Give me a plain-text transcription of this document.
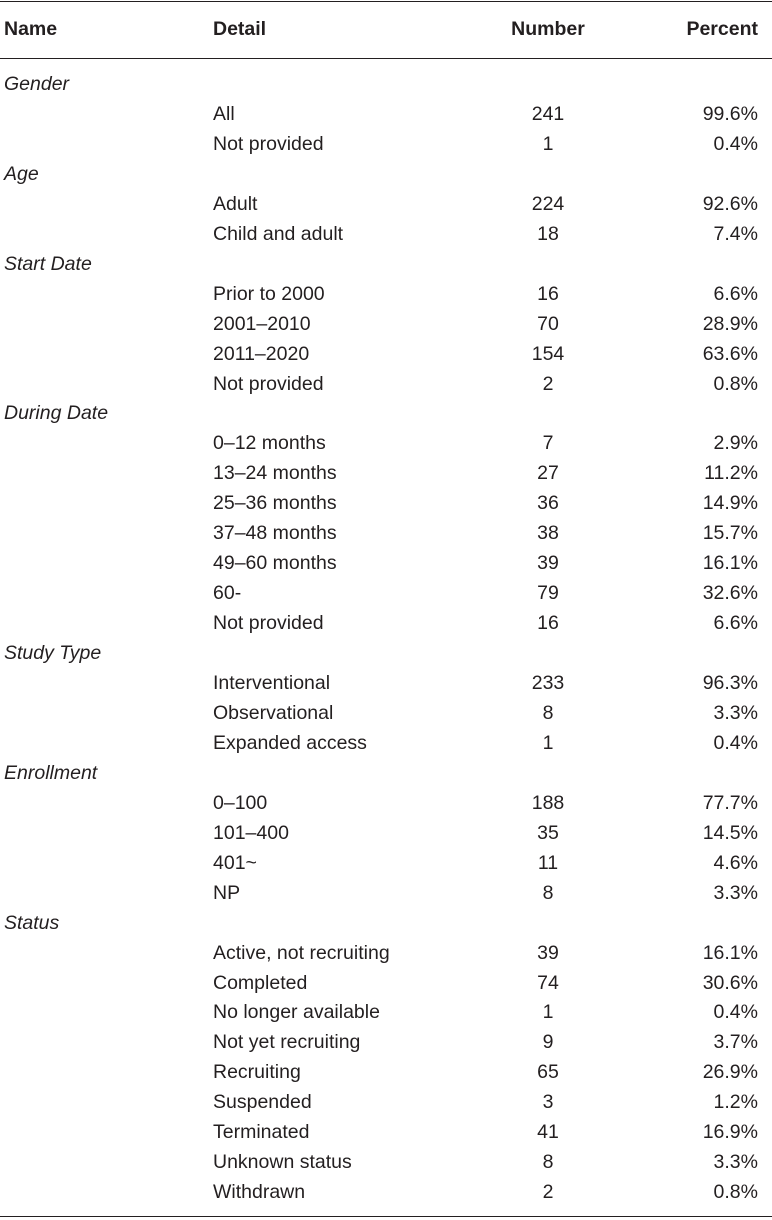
Name	Detail	Number	Percent
Gender
All	241	99.6%
Not provided	1	0.4%
Age
Adult	224	92.6%
Child and adult	18	7.4%
Start Date
Prior to 2000	16	6.6%
2001–2010	70	28.9%
2011–2020	154	63.6%
Not provided	2	0.8%
During Date
0–12 months	7	2.9%
13–24 months	27	11.2%
25–36 months	36	14.9%
37–48 months	38	15.7%
49–60 months	39	16.1%
60-	79	32.6%
Not provided	16	6.6%
Study Type
Interventional	233	96.3%
Observational	8	3.3%
Expanded access	1	0.4%
Enrollment
0–100	188	77.7%
101–400	35	14.5%
401~	11	4.6%
NP	8	3.3%
Status
Active, not recruiting	39	16.1%
Completed	74	30.6%
No longer available	1	0.4%
Not yet recruiting	9	3.7%
Recruiting	65	26.9%
Suspended	3	1.2%
Terminated	41	16.9%
Unknown status	8	3.3%
Withdrawn	2	0.8%
